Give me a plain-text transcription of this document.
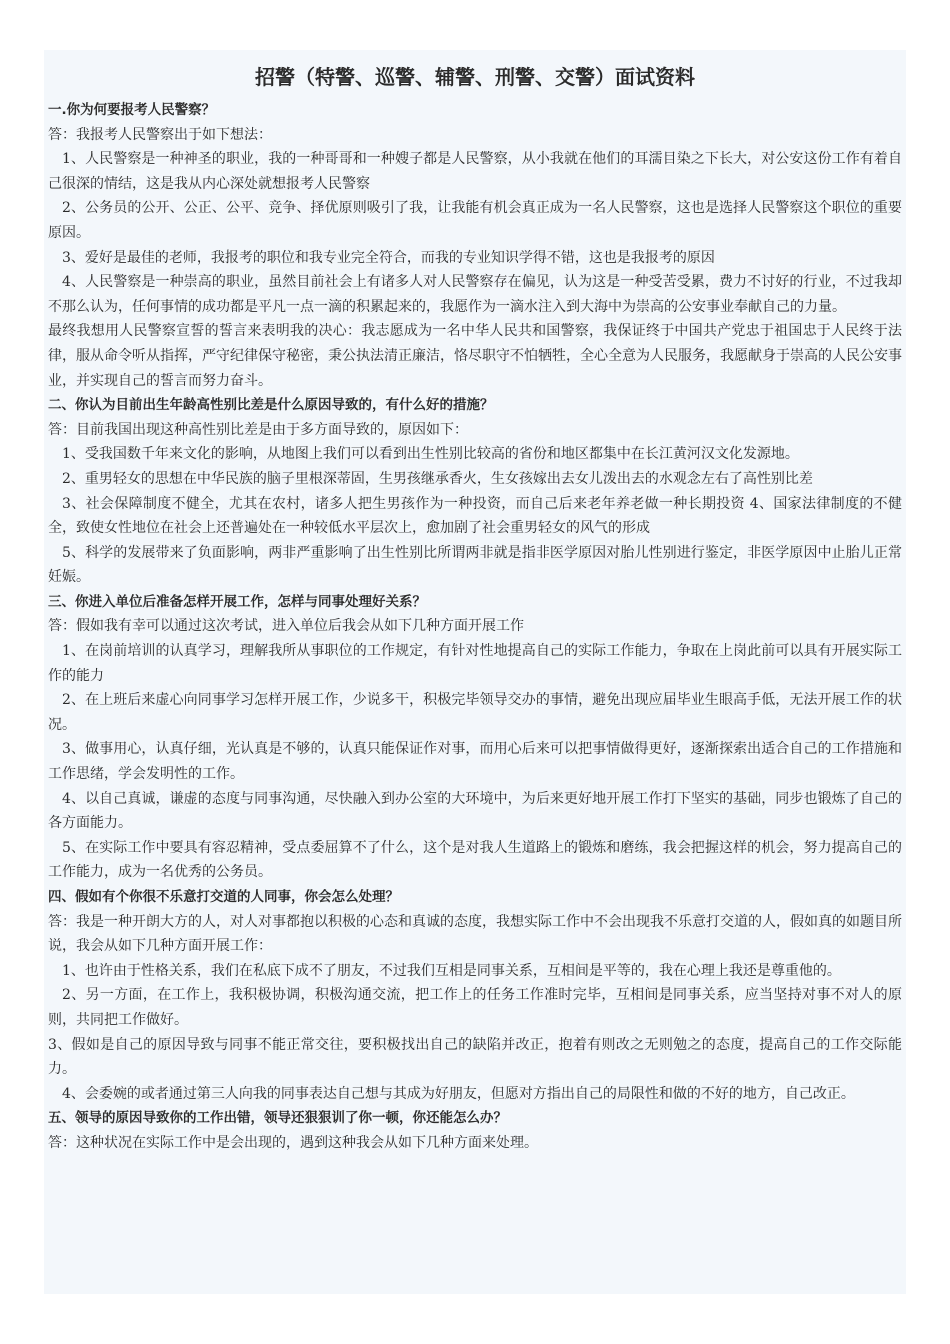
招警（特警、巡警、辅警、刑警、交警）面试资料
一.你为何要报考人民警察？
答：我报考人民警察出于如下想法：
1、人民警察是一种神圣的职业，我的一种哥哥和一种嫂子都是人民警察，从小我就在他们的耳濡目染之下长大，对公安这份工作有着自己很深的情结，这是我从内心深处就想报考人民警察
2、公务员的公开、公正、公平、竞争、择优原则吸引了我，让我能有机会真正成为一名人民警察，这也是选择人民警察这个职位的重要原因。
3、爱好是最佳的老师，我报考的职位和我专业完全符合，而我的专业知识学得不错，这也是我报考的原因
4、人民警察是一种崇高的职业，虽然目前社会上有诸多人对人民警察存在偏见，认为这是一种受苦受累，费力不讨好的行业，不过我却不那么认为，任何事情的成功都是平凡一点一滴的积累起来的，我愿作为一滴水注入到大海中为崇高的公安事业奉献自己的力量。
最终我想用人民警察宣誓的誓言来表明我的决心：我志愿成为一名中华人民共和国警察，我保证终于中国共产党忠于祖国忠于人民终于法律，服从命令听从指挥，严守纪律保守秘密，秉公执法清正廉洁，恪尽职守不怕牺牲，全心全意为人民服务，我愿献身于崇高的人民公安事业，并实现自己的誓言而努力奋斗。
二、你认为目前出生年龄高性别比差是什么原因导致的，有什么好的措施？
答：目前我国出现这种高性别比差是由于多方面导致的，原因如下：
1、受我国数千年来文化的影响，从地图上我们可以看到出生性别比较高的省份和地区都集中在长江黄河汉文化发源地。
2、重男轻女的思想在中华民族的脑子里根深蒂固，生男孩继承香火，生女孩嫁出去女儿泼出去的水观念左右了高性别比差
3、社会保障制度不健全，尤其在农村，诸多人把生男孩作为一种投资，而自己后来老年养老做一种长期投资 4、国家法律制度的不健全，致使女性地位在社会上还普遍处在一种较低水平层次上，愈加剧了社会重男轻女的风气的形成
5、科学的发展带来了负面影响，两非严重影响了出生性别比所谓两非就是指非医学原因对胎儿性别进行鉴定，非医学原因中止胎儿正常妊娠。
三、你进入单位后准备怎样开展工作，怎样与同事处理好关系？
答：假如我有幸可以通过这次考试，进入单位后我会从如下几种方面开展工作
1、在岗前培训的认真学习，理解我所从事职位的工作规定，有针对性地提高自己的实际工作能力，争取在上岗此前可以具有开展实际工作的能力
2、在上班后来虚心向同事学习怎样开展工作，少说多干，积极完毕领导交办的事情，避免出现应届毕业生眼高手低，无法开展工作的状况。
3、做事用心，认真仔细，光认真是不够的，认真只能保证作对事，而用心后来可以把事情做得更好，逐渐探索出适合自己的工作措施和工作思绪，学会发明性的工作。
4、以自己真诚，谦虚的态度与同事沟通，尽快融入到办公室的大环境中，为后来更好地开展工作打下坚实的基础，同步也锻炼了自己的各方面能力。
5、在实际工作中要具有容忍精神，受点委屈算不了什么，这个是对我人生道路上的锻炼和磨练，我会把握这样的机会，努力提高自己的工作能力，成为一名优秀的公务员。
四、假如有个你很不乐意打交道的人同事，你会怎么处理？
答：我是一种开朗大方的人，对人对事都抱以积极的心态和真诚的态度，我想实际工作中不会出现我不乐意打交道的人，假如真的如题目所说，我会从如下几种方面开展工作：
1、也许由于性格关系，我们在私底下成不了朋友，不过我们互相是同事关系，互相间是平等的，我在心理上我还是尊重他的。
2、另一方面，在工作上，我积极协调，积极沟通交流，把工作上的任务工作准时完毕，互相间是同事关系，应当坚持对事不对人的原则，共同把工作做好。
3、假如是自己的原因导致与同事不能正常交往，要积极找出自己的缺陷并改正，抱着有则改之无则勉之的态度，提高自己的工作交际能力。
4、会委婉的或者通过第三人向我的同事表达自己想与其成为好朋友，但愿对方指出自己的局限性和做的不好的地方，自己改正。
五、领导的原因导致你的工作出错，领导还狠狠训了你一顿，你还能怎么办？
答：这种状况在实际工作中是会出现的，遇到这种我会从如下几种方面来处理。
